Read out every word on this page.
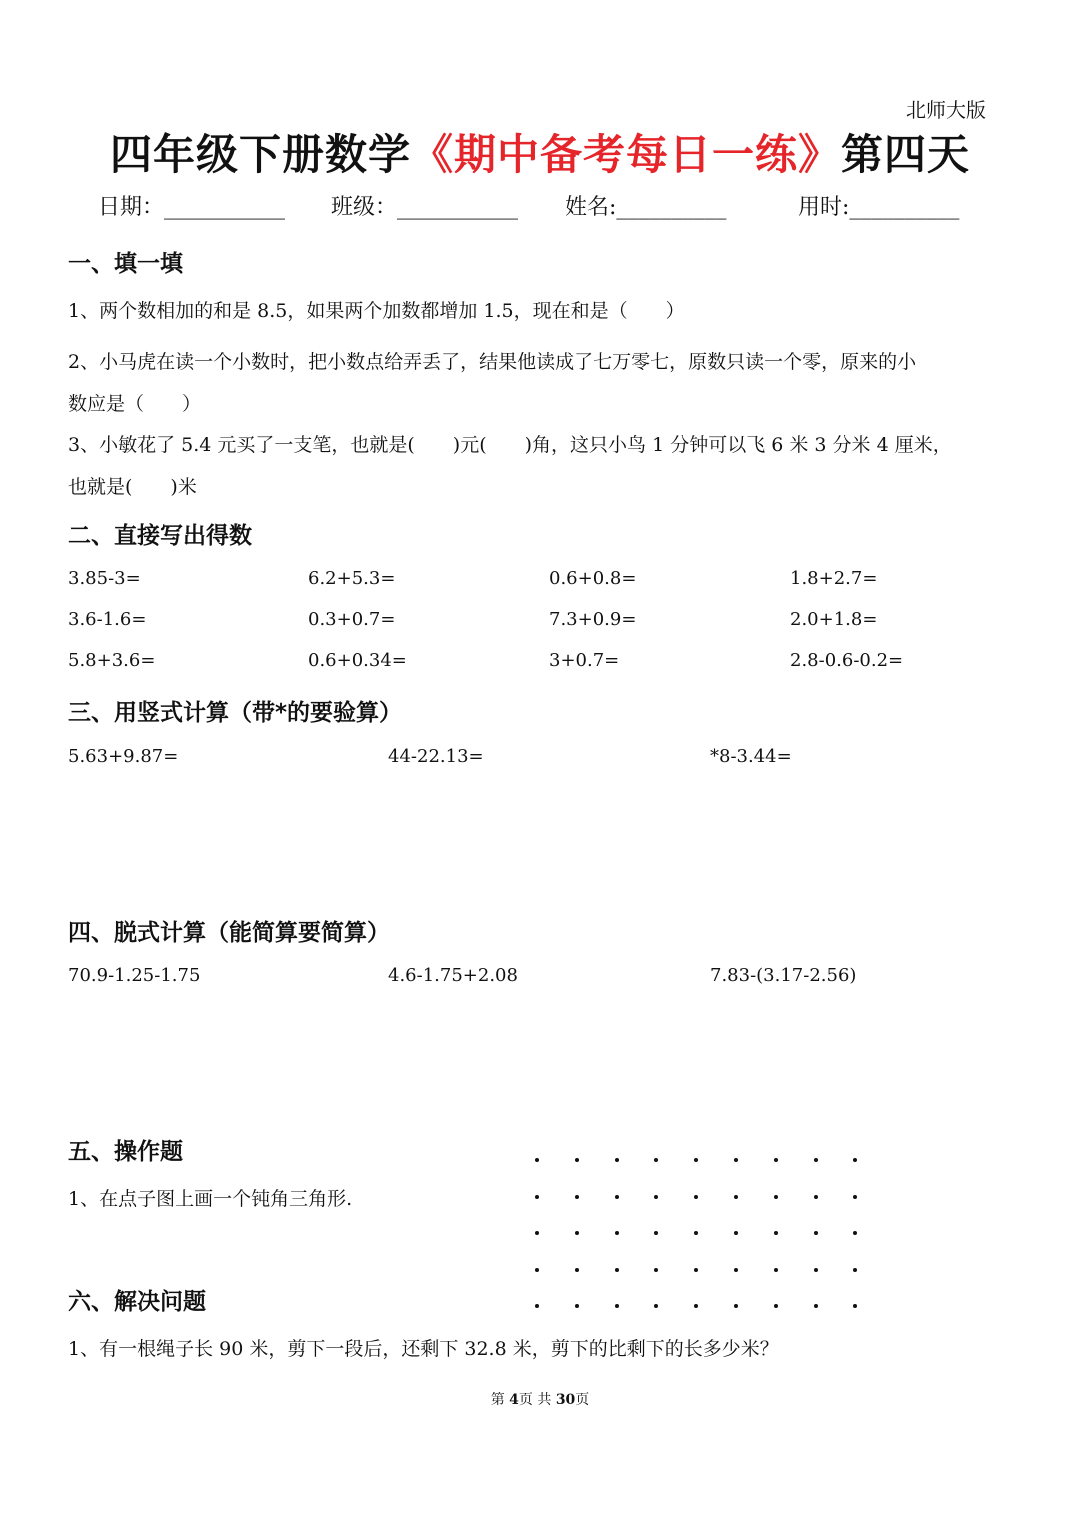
北师大版
四年级下册数学《期中备考每日一练》第四天
日期：___________ 班级：___________ 姓名:__________	用时:__________
一、填一填
1、两个数相加的和是 8.5，如果两个加数都增加 1.5，现在和是（　　）
2、小马虎在读一个小数时，把小数点给弄丢了，结果他读成了七万零七，原数只读一个零，原来的小
数应是（　　）
3、小敏花了 5.4 元买了一支笔，也就是(　　)元(　　)角，这只小鸟 1 分钟可以飞 6 米 3 分米 4 厘米，
也就是(　　)米
二、直接写出得数
3.85-3=	6.2+5.3=	0.6+0.8=	1.8+2.7=
3.6-1.6=	0.3+0.7=	7.3+0.9=	2.0+1.8=
5.8+3.6=	0.6+0.34=	3+0.7=	2.8-0.6-0.2=
三、用竖式计算（带*的要验算）
5.63+9.87=	44-22.13=	*8-3.44=
四、脱式计算（能简算要简算）
70.9-1.25-1.75	4.6-1.75+2.08	7.83-(3.17-2.56)
五、操作题
1、在点子图上画一个钝角三角形.
六、解决问题
1、有一根绳子长 90 米，剪下一段后，还剩下 32.8 米，剪下的比剩下的长多少米？
第 4页 共 30页
